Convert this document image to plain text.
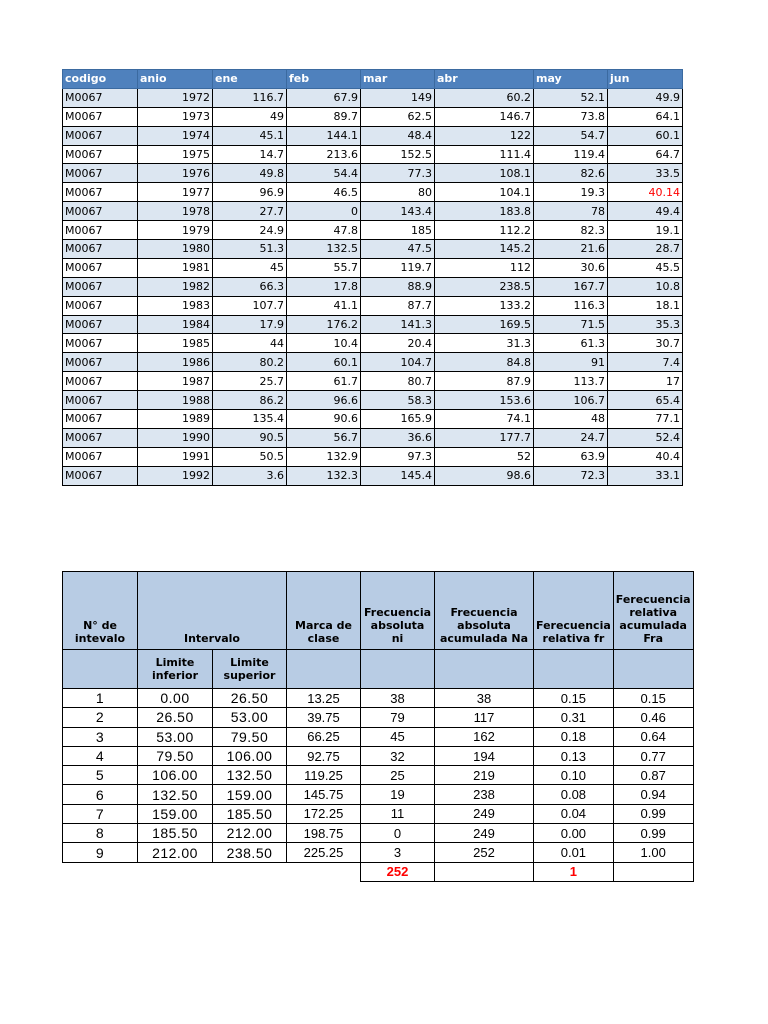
codigo	anio	ene	feb	mar	abr	may	jun
M0067	1972	116.7	67.9	149	60.2	52.1	49.9
M0067	1973	49	89.7	62.5	146.7	73.8	64.1
M0067	1974	45.1	144.1	48.4	122	54.7	60.1
M0067	1975	14.7	213.6	152.5	111.4	119.4	64.7
M0067	1976	49.8	54.4	77.3	108.1	82.6	33.5
M0067	1977	96.9	46.5	80	104.1	19.3	40.14
M0067	1978	27.7	0	143.4	183.8	78	49.4
M0067	1979	24.9	47.8	185	112.2	82.3	19.1
M0067	1980	51.3	132.5	47.5	145.2	21.6	28.7
M0067	1981	45	55.7	119.7	112	30.6	45.5
M0067	1982	66.3	17.8	88.9	238.5	167.7	10.8
M0067	1983	107.7	41.1	87.7	133.2	116.3	18.1
M0067	1984	17.9	176.2	141.3	169.5	71.5	35.3
M0067	1985	44	10.4	20.4	31.3	61.3	30.7
M0067	1986	80.2	60.1	104.7	84.8	91	7.4
M0067	1987	25.7	61.7	80.7	87.9	113.7	17
M0067	1988	86.2	96.6	58.3	153.6	106.7	65.4
M0067	1989	135.4	90.6	165.9	74.1	48	77.1
M0067	1990	90.5	56.7	36.6	177.7	24.7	52.4
M0067	1991	50.5	132.9	97.3	52	63.9	40.4
M0067	1992	3.6	132.3	145.4	98.6	72.3	33.1
N° de intevalo	Intervalo		Marca de clase	Frecuencia absoluta ni	Frecuencia absoluta acumulada Na	Ferecuencia relativa fr	Ferecuencia relativa acumulada Fra
	Limite inferior	Limite superior					
1	0.00	26.50	13.25	38	38	0.15	0.15
2	26.50	53.00	39.75	79	117	0.31	0.46
3	53.00	79.50	66.25	45	162	0.18	0.64
4	79.50	106.00	92.75	32	194	0.13	0.77
5	106.00	132.50	119.25	25	219	0.10	0.87
6	132.50	159.00	145.75	19	238	0.08	0.94
7	159.00	185.50	172.25	11	249	0.04	0.99
8	185.50	212.00	198.75	0	249	0.00	0.99
9	212.00	238.50	225.25	3	252	0.01	1.00
				252		1	
